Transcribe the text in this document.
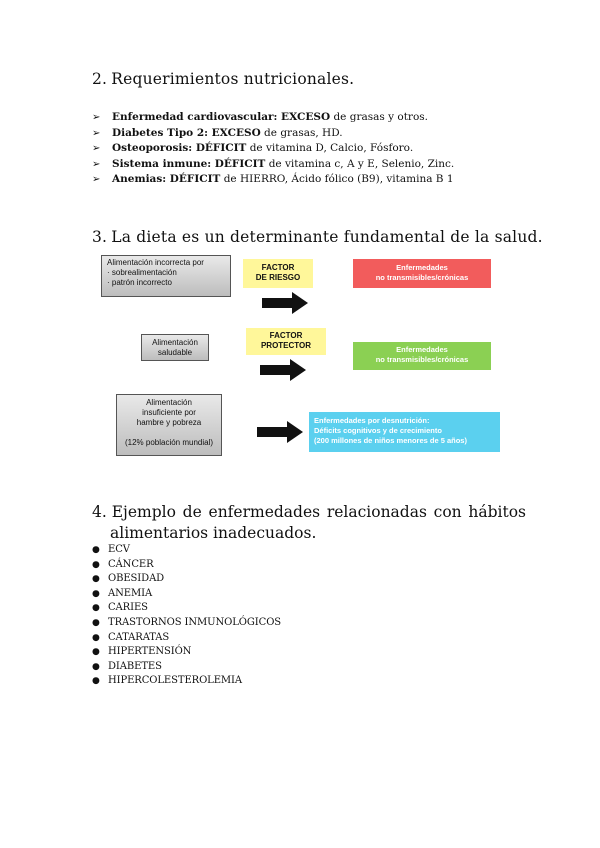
2. Requerimientos nutricionales.
➢	Enfermedad cardiovascular: EXCESO de grasas y otros.
➢	Diabetes Tipo 2: EXCESO de grasas, HD.
➢	Osteoporosis: DÉFICIT de vitamina D, Calcio, Fósforo.
➢	Sistema inmune: DÉFICIT de vitamina c, A y E, Selenio, Zinc.
➢	Anemias: DÉFICIT de HIERRO, Ácido fólico (B9), vitamina B 1
3. La dieta es un determinante fundamental de la salud.
Alimentación incorrecta por
· sobrealimentación
· patrón incorrecto
FACTOR
DE RIESGO
Enfermedades
no transmisibles/crónicas
Alimentación
saludable
FACTOR
PROTECTOR	Enfermedades
no transmisibles/crónicas
Alimentación
insuficiente por
hambre y pobreza
(12% población mundial)
Enfermedades por desnutrición:
Déficits cognitivos y de crecimiento
(200 millones de niños menores de 5 años)
4. Ejemplo de enfermedades relacionadas con hábitos
alimentarios inadecuados.
● ECV
● CÁNCER
● OBESIDAD
● ANEMIA
● CARIES
● TRASTORNOS INMUNOLÓGICOS
● CATARATAS
● HIPERTENSIÓN
● DIABETES
● HIPERCOLESTEROLEMIA
